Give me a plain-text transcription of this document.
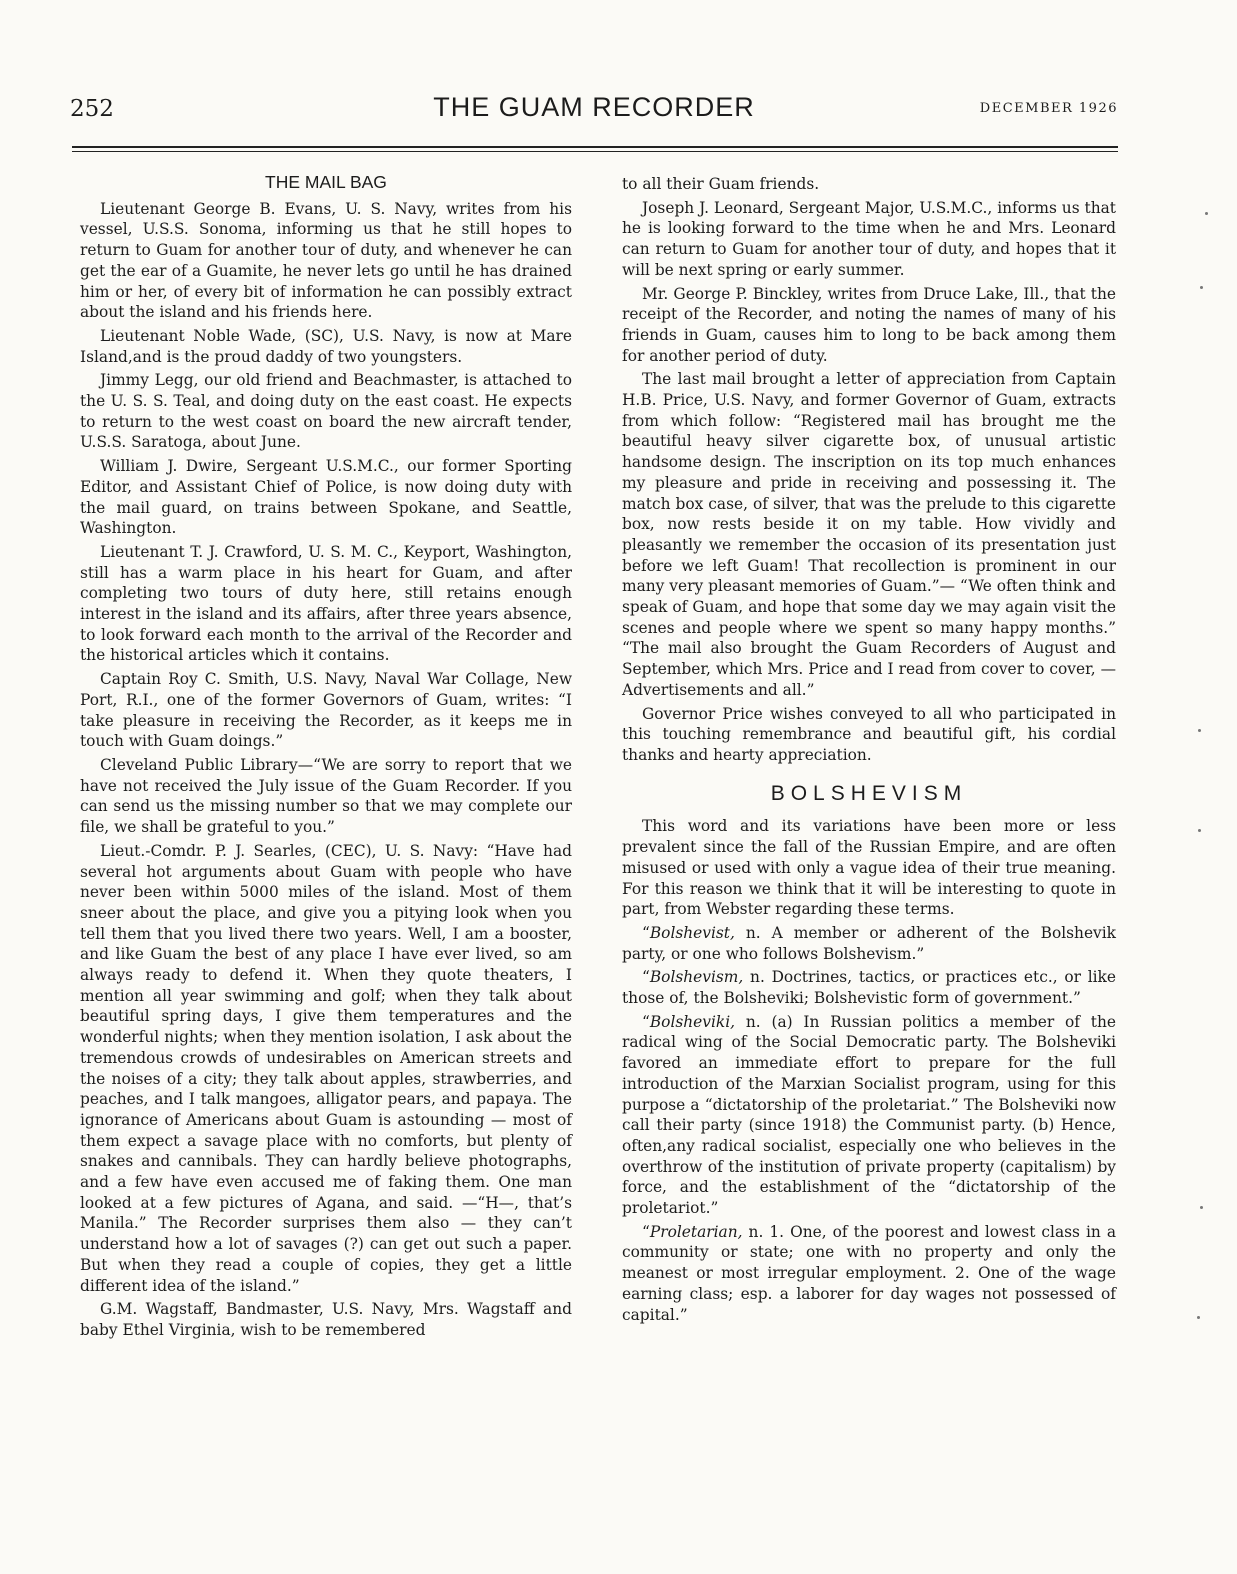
252	THE GUAM RECORDER	DECEMBER 1926
THE MAIL BAG

Lieutenant George B. Evans, U. S. Navy, writes from his vessel, U.S.S. Sonoma, informing us that he still hopes to return to Guam for another tour of duty, and whenever he can get the ear of a Guamite, he never lets go until he has drained him or her, of every bit of information he can possibly extract about the island and his friends here.

Lieutenant Noble Wade, (SC), U.S. Navy, is now at Mare Island,and is the proud daddy of two youngsters.

Jimmy Legg, our old friend and Beachmaster, is attached to the U. S. S. Teal, and doing duty on the east coast. He expects to return to the west coast on board the new aircraft tender, U.S.S. Saratoga, about June.

William J. Dwire, Sergeant U.S.M.C., our former Sporting Editor, and Assistant Chief of Police, is now doing duty with the mail guard, on trains between Spokane, and Seattle, Washington.

Lieutenant T. J. Crawford, U. S. M. C., Keyport, Washington, still has a warm place in his heart for Guam, and after completing two tours of duty here, still retains enough interest in the island and its affairs, after three years absence, to look forward each month to the arrival of the Recorder and the historical articles which it contains.

Captain Roy C. Smith, U.S. Navy, Naval War Collage, New Port, R.I., one of the former Governors of Guam, writes: “I take pleasure in receiving the Recorder, as it keeps me in touch with Guam doings.”

Cleveland Public Library—“We are sorry to report that we have not received the July issue of the Guam Recorder. If you can send us the missing number so that we may complete our file, we shall be grateful to you.”

Lieut.-Comdr. P. J. Searles, (CEC), U. S. Navy: “Have had several hot arguments about Guam with people who have never been within 5000 miles of the island. Most of them sneer about the place, and give you a pitying look when you tell them that you lived there two years. Well, I am a booster, and like Guam the best of any place I have ever lived, so am always ready to defend it. When they quote theaters, I mention all year swimming and golf; when they talk about beautiful spring days, I give them temperatures and the wonderful nights; when they mention isolation, I ask about the tremendous crowds of undesirables on American streets and the noises of a city; they talk about apples, strawberries, and peaches, and I talk mangoes, alligator pears, and papaya. The ignorance of Americans about Guam is astounding — most of them expect a savage place with no comforts, but plenty of snakes and cannibals. They can hardly believe photographs, and a few have even accused me of faking them. One man looked at a few pictures of Agana, and said. —“H—, that’s Manila.” The Recorder surprises them also — they can’t understand how a lot of savages (?) can get out such a paper. But when they read a couple of copies, they get a little different idea of the island.”

G.M. Wagstaff, Bandmaster, U.S. Navy, Mrs. Wagstaff and baby Ethel Virginia, wish to be remembered

to all their Guam friends.

Joseph J. Leonard, Sergeant Major, U.S.M.C., informs us that he is looking forward to the time when he and Mrs. Leonard can return to Guam for another tour of duty, and hopes that it will be next spring or early summer.

Mr. George P. Binckley, writes from Druce Lake, Ill., that the receipt of the Recorder, and noting the names of many of his friends in Guam, causes him to long to be back among them for another period of duty.

The last mail brought a letter of appreciation from Captain H.B. Price, U.S. Navy, and former Governor of Guam, extracts from which follow: “Registered mail has brought me the beautiful heavy silver cigarette box, of unusual artistic handsome design. The inscription on its top much enhances my pleasure and pride in receiving and possessing it. The match box case, of silver, that was the prelude to this cigarette box, now rests beside it on my table. How vividly and pleasantly we remember the occasion of its presentation just before we left Guam! That recollection is prominent in our many very pleasant memories of Guam.”— “We often think and speak of Guam, and hope that some day we may again visit the scenes and people where we spent so many happy months.” “The mail also brought the Guam Recorders of August and September, which Mrs. Price and I read from cover to cover, — Advertisements and all.”

Governor Price wishes conveyed to all who participated in this touching remembrance and beautiful gift, his cordial thanks and hearty appreciation.

BOLSHEVISM

This word and its variations have been more or less prevalent since the fall of the Russian Empire, and are often misused or used with only a vague idea of their true meaning. For this reason we think that it will be interesting to quote in part, from Webster regarding these terms.

“Bolshevist, n. A member or adherent of the Bolshevik party, or one who follows Bolshevism.”

“Bolshevism, n. Doctrines, tactics, or practices etc., or like those of, the Bolsheviki; Bolshevistic form of government.”

“Bolsheviki, n. (a) In Russian politics a member of the radical wing of the Social Democratic party. The Bolsheviki favored an immediate effort to prepare for the full introduction of the Marxian Socialist program, using for this purpose a “dictatorship of the proletariat.” The Bolsheviki now call their party (since 1918) the Communist party. (b) Hence, often,any radical socialist, especially one who believes in the overthrow of the institution of private property (capitalism) by force, and the establishment of the “dictatorship of the proletariot.”

“Proletarian, n. 1. One, of the poorest and lowest class in a community or state; one with no property and only the meanest or most irregular employment. 2. One of the wage earning class; esp. a laborer for day wages not possessed of capital.”
